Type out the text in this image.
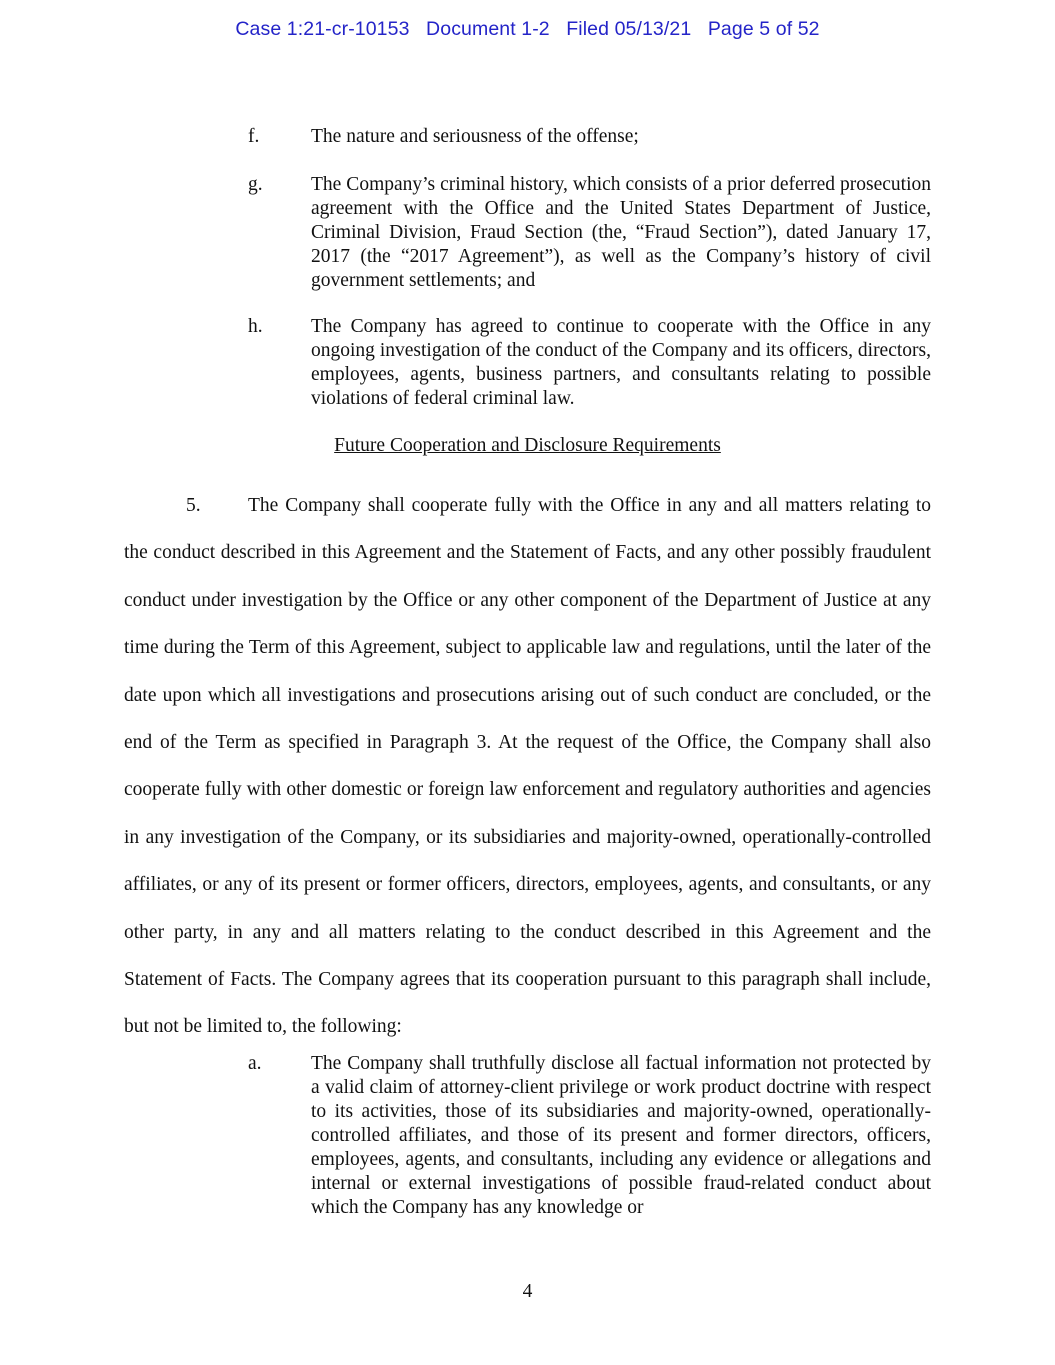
Case 1:21-cr-10153   Document 1-2   Filed 05/13/21   Page 5 of 52
f.	The nature and seriousness of the offense;
g. The Company’s criminal history, which consists of a prior deferred prosecution agreement with the Office and the United States Department of Justice, Criminal Division, Fraud Section (the, “Fraud Section”), dated January 17, 2017 (the “2017 Agreement”), as well as the Company’s history of civil government settlements; and
h. The Company has agreed to continue to cooperate with the Office in any ongoing investigation of the conduct of the Company and its officers, directors, employees, agents, business partners, and consultants relating to possible violations of federal criminal law.
Future Cooperation and Disclosure Requirements
5. The Company shall cooperate fully with the Office in any and all matters relating to the conduct described in this Agreement and the Statement of Facts, and any other possibly fraudulent conduct under investigation by the Office or any other component of the Department of Justice at any time during the Term of this Agreement, subject to applicable law and regulations, until the later of the date upon which all investigations and prosecutions arising out of such conduct are concluded, or the end of the Term as specified in Paragraph 3. At the request of the Office, the Company shall also cooperate fully with other domestic or foreign law enforcement and regulatory authorities and agencies in any investigation of the Company, or its subsidiaries and majority-owned, operationally-controlled affiliates, or any of its present or former officers, directors, employees, agents, and consultants, or any other party, in any and all matters relating to the conduct described in this Agreement and the Statement of Facts. The Company agrees that its cooperation pursuant to this paragraph shall include, but not be limited to, the following:
a.	The Company shall truthfully disclose all factual information not protected by a valid claim of attorney-client privilege or work product doctrine with respect to its activities, those of its subsidiaries and majority-owned, operationally-controlled affiliates, and those of its present and former directors, officers, employees, agents, and consultants, including any evidence or allegations and internal or external investigations of possible fraud-related conduct about which the Company has any knowledge or
4
